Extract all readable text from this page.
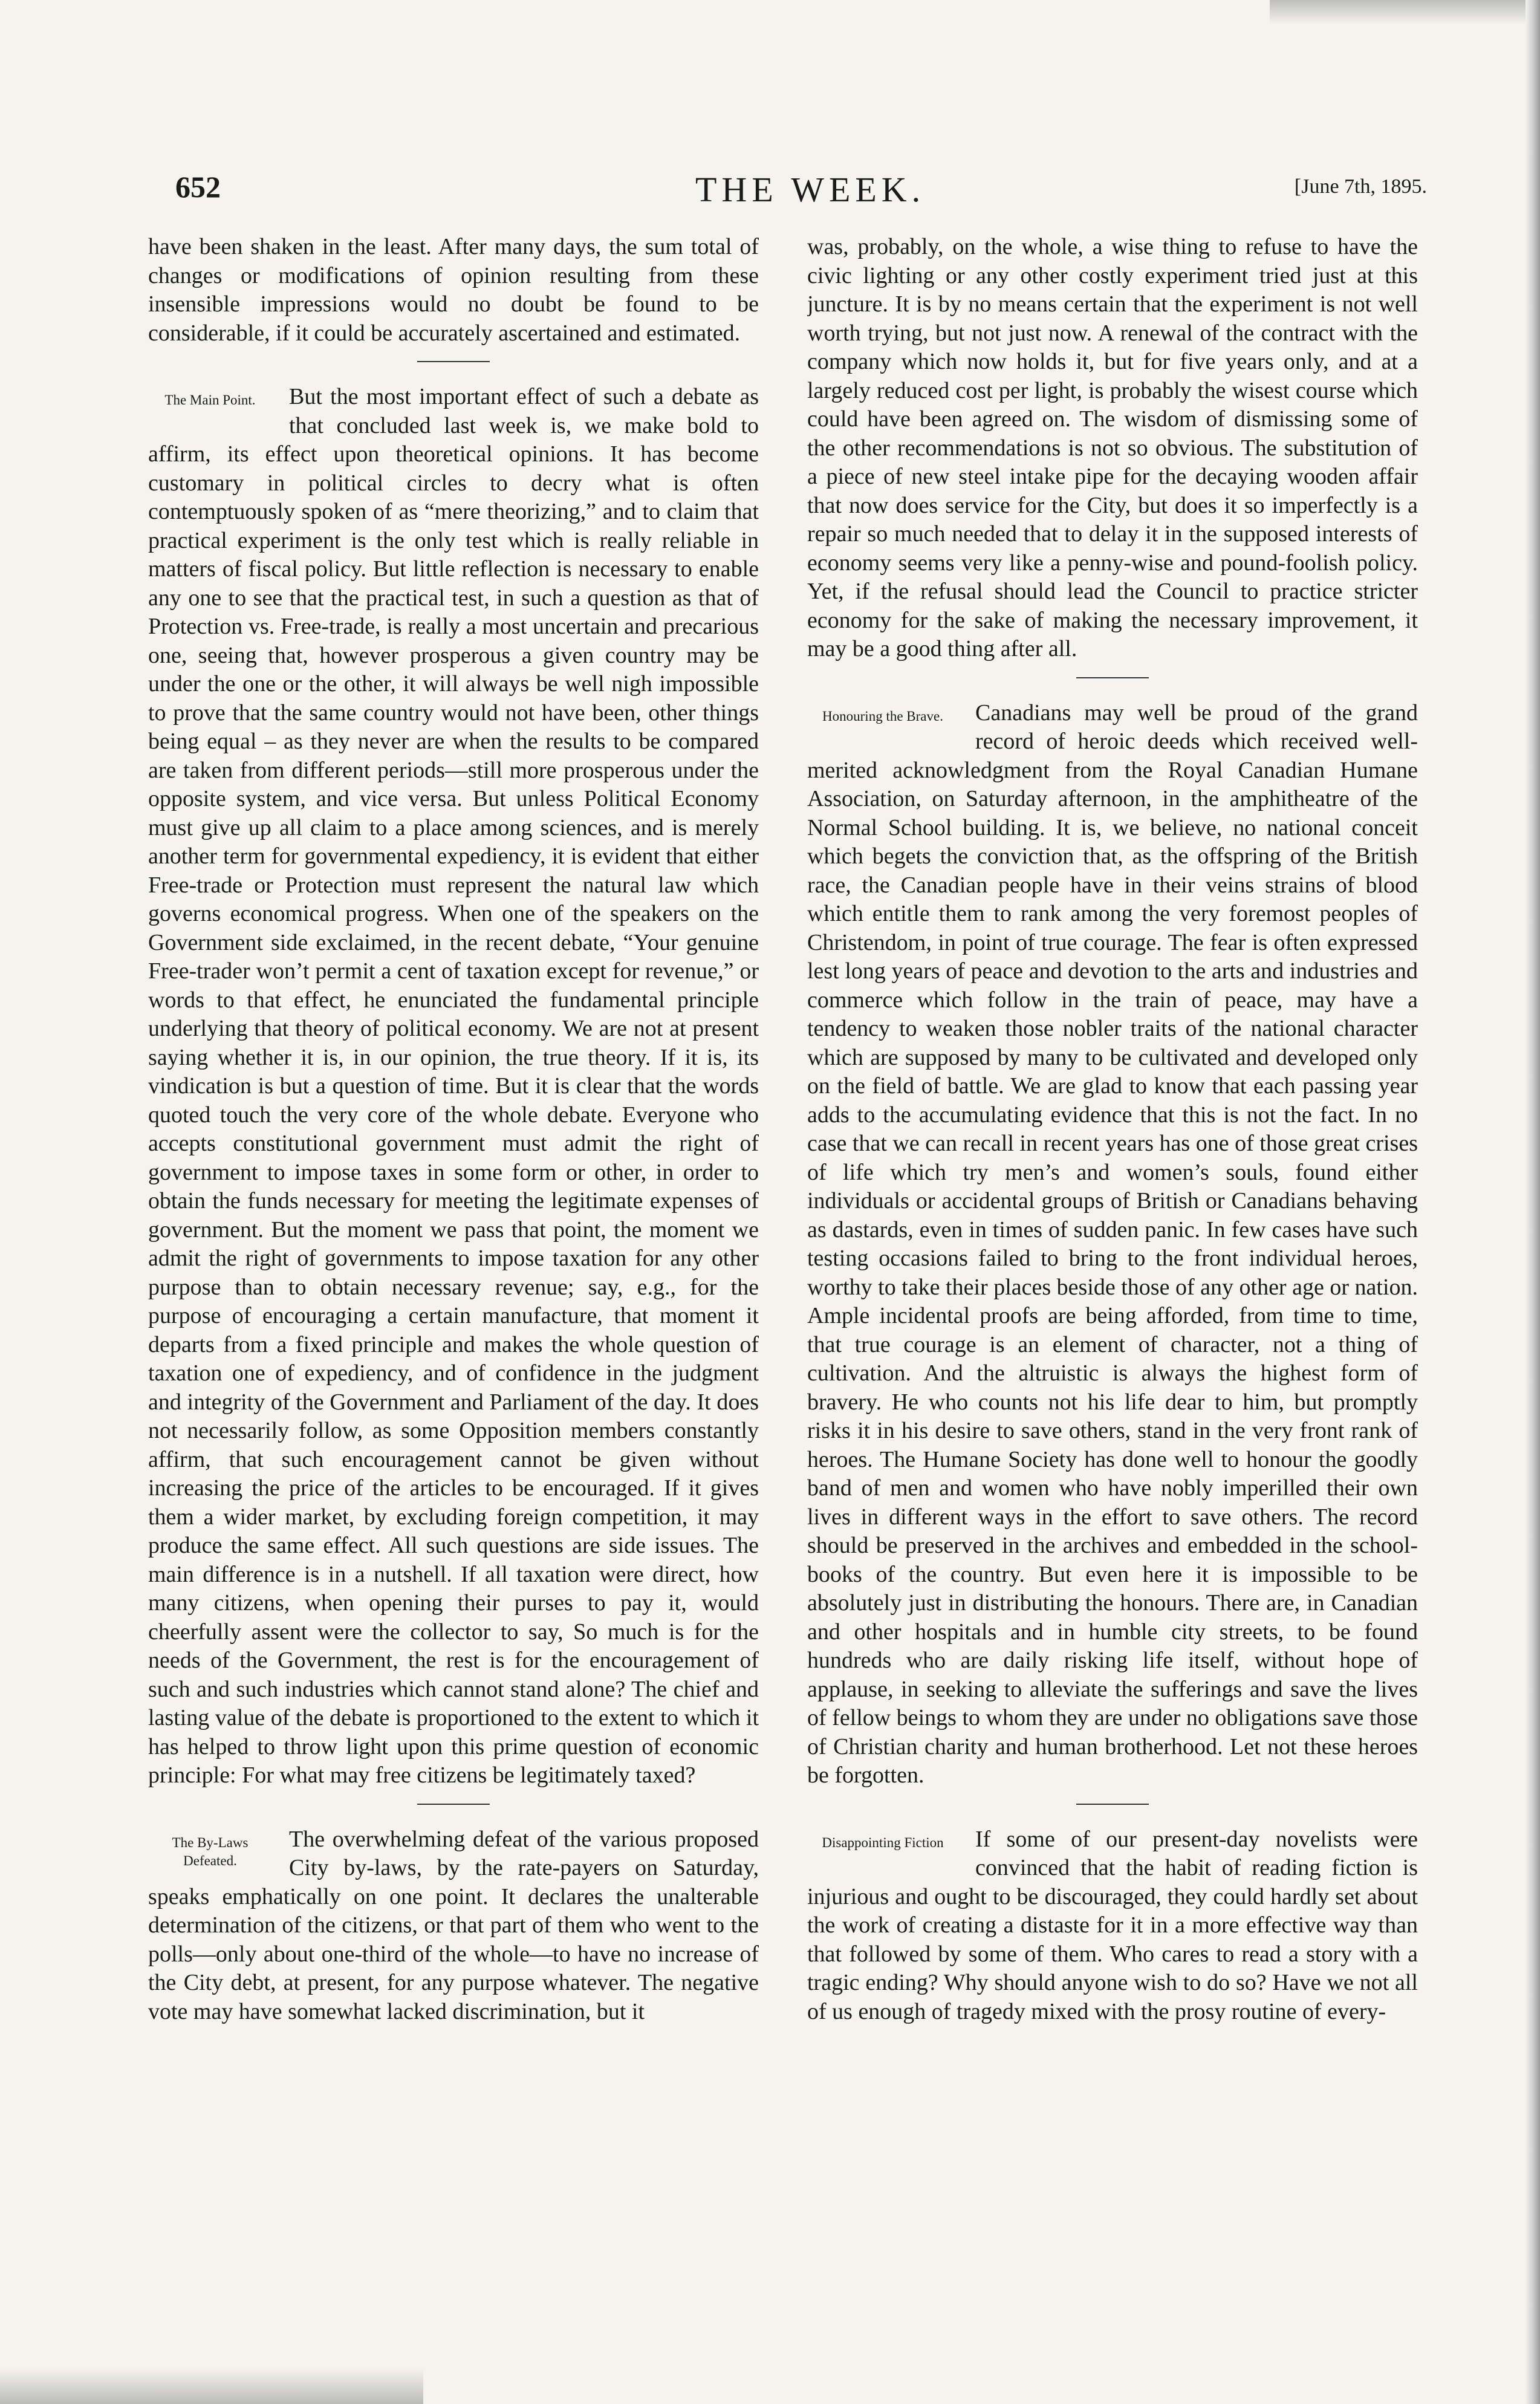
652	THE WEEK.	[June 7th, 1895.

have been shaken in the least. After many days, the sum total of changes or modifications of opinion resulting from these insensible impressions would no doubt be found to be considerable, if it could be accurately ascertained and estimated.

The Main Point.	But the most important effect of such a debate as that concluded last week is, we make bold to affirm, its effect upon theoretical opinions. It has become customary in political circles to decry what is often contemptuously spoken of as “mere theorizing,” and to claim that practical experiment is the only test which is really reliable in matters of fiscal policy. But little reflection is necessary to enable any one to see that the practical test, in such a question as that of Protection vs. Free-trade, is really a most uncertain and precarious one, seeing that, however prosperous a given country may be under the one or the other, it will always be well nigh impossible to prove that the same country would not have been, other things being equal – as they never are when the results to be compared are taken from different periods—still more prosperous under the opposite system, and vice versa. But unless Political Economy must give up all claim to a place among sciences, and is merely another term for governmental expediency, it is evident that either Free-trade or Protection must represent the natural law which governs economical progress. When one of the speakers on the Government side exclaimed, in the recent debate, “Your genuine Free-trader won’t permit a cent of taxation except for revenue,” or words to that effect, he enunciated the fundamental principle underlying that theory of political economy. We are not at present saying whether it is, in our opinion, the true theory. If it is, its vindication is but a question of time. But it is clear that the words quoted touch the very core of the whole debate. Everyone who accepts constitutional government must admit the right of government to impose taxes in some form or other, in order to obtain the funds necessary for meeting the legitimate expenses of government. But the moment we pass that point, the moment we admit the right of governments to impose taxation for any other purpose than to obtain necessary revenue; say, e.g., for the purpose of encouraging a certain manufacture, that moment it departs from a fixed principle and makes the whole question of taxation one of expediency, and of confidence in the judgment and integrity of the Government and Parliament of the day. It does not necessarily follow, as some Opposition members constantly affirm, that such encouragement cannot be given without increasing the price of the articles to be encouraged. If it gives them a wider market, by excluding foreign competition, it may produce the same effect. All such questions are side issues. The main difference is in a nutshell. If all taxation were direct, how many citizens, when opening their purses to pay it, would cheerfully assent were the collector to say, So much is for the needs of the Government, the rest is for the encouragement of such and such industries which cannot stand alone? The chief and lasting value of the debate is proportioned to the extent to which it has helped to throw light upon this prime question of economic principle: For what may free citizens be legitimately taxed?

The By-Laws Defeated.

The overwhelming defeat of the various proposed City by-laws, by the rate-payers on Saturday, speaks emphatically on one point. It declares the unalterable determination of the citizens, or that part of them who went to the polls—only about one-third of the whole—to have no increase of the City debt, at present, for any purpose whatever. The negative vote may have somewhat lacked discrimination, but it

was, probably, on the whole, a wise thing to refuse to have the civic lighting or any other costly experiment tried just at this juncture. It is by no means certain that the experiment is not well worth trying, but not just now. A renewal of the contract with the company which now holds it, but for five years only, and at a largely reduced cost per light, is probably the wisest course which could have been agreed on. The wisdom of dismissing some of the other recommendations is not so obvious. The substitution of a piece of new steel intake pipe for the decaying wooden affair that now does service for the City, but does it so imperfectly is a repair so much needed that to delay it in the supposed interests of economy seems very like a penny-wise and pound-foolish policy. Yet, if the refusal should lead the Council to practice stricter economy for the sake of making the necessary improvement, it may be a good thing after all.

Honouring the Brave.	Canadians may well be proud of the grand record of heroic deeds which received well-merited acknowledgment from the Royal Canadian Humane Association, on Saturday afternoon, in the amphitheatre of the Normal School building. It is, we believe, no national conceit which begets the conviction that, as the offspring of the British race, the Canadian people have in their veins strains of blood which entitle them to rank among the very foremost peoples of Christendom, in point of true courage. The fear is often expressed lest long years of peace and devotion to the arts and industries and commerce which follow in the train of peace, may have a tendency to weaken those nobler traits of the national character which are supposed by many to be cultivated and developed only on the field of battle. We are glad to know that each passing year adds to the accumulating evidence that this is not the fact. In no case that we can recall in recent years has one of those great crises of life which try men’s and women’s souls, found either individuals or accidental groups of British or Canadians behaving as dastards, even in times of sudden panic. In few cases have such testing occasions failed to bring to the front individual heroes, worthy to take their places beside those of any other age or nation. Ample incidental proofs are being afforded, from time to time, that true courage is an element of character, not a thing of cultivation. And the altruistic is always the highest form of bravery. He who counts not his life dear to him, but promptly risks it in his desire to save others, stand in the very front rank of heroes. The Humane Society has done well to honour the goodly band of men and women who have nobly imperilled their own lives in different ways in the effort to save others. The record should be preserved in the archives and embedded in the school-books of the country. But even here it is impossible to be absolutely just in distributing the honours. There are, in Canadian and other hospitals and in humble city streets, to be found hundreds who are daily risking life itself, without hope of applause, in seeking to alleviate the sufferings and save the lives of fellow beings to whom they are under no obligations save those of Christian charity and human brotherhood. Let not these heroes be forgotten.

Disappointing Fiction	If some of our present-day novelists were convinced that the habit of reading fiction is injurious and ought to be discouraged, they could hardly set about the work of creating a distaste for it in a more effective way than that followed by some of them. Who cares to read a story with a tragic ending? Why should anyone wish to do so? Have we not all of us enough of tragedy mixed with the prosy routine of every-
